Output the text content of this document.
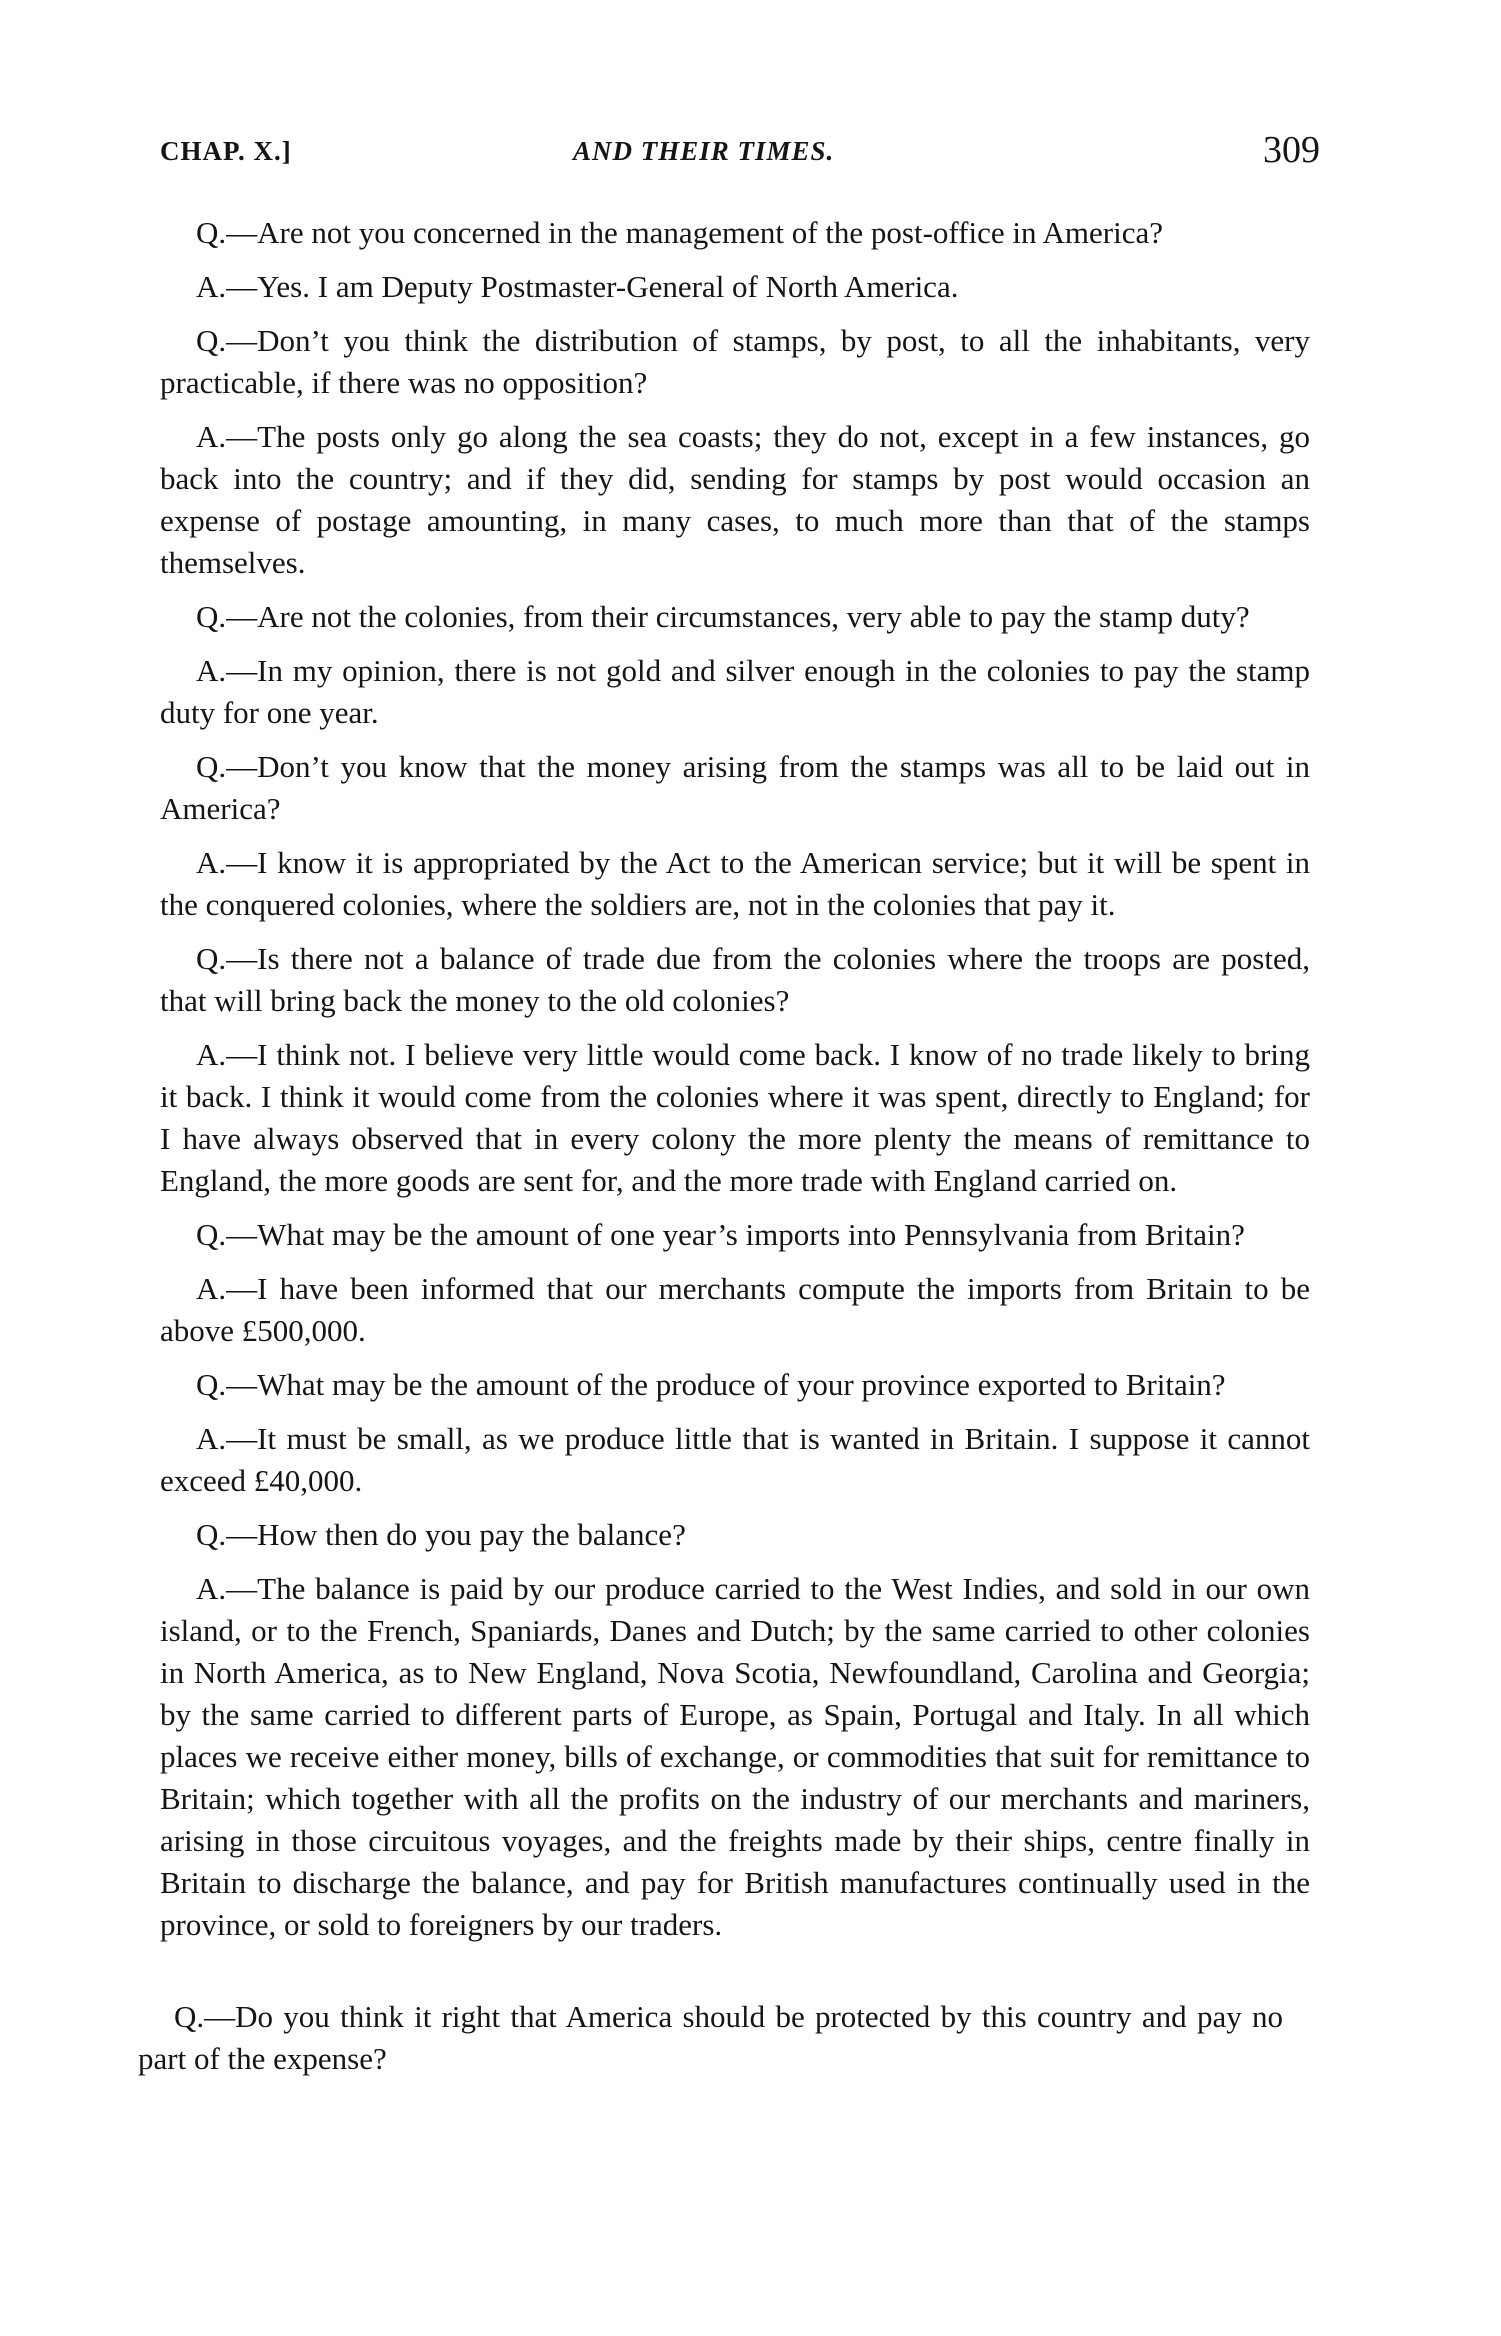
CHAP. X.]	AND THEIR TIMES.	309

Q.—Are not you concerned in the management of the post-office in America?

A.—Yes. I am Deputy Postmaster-General of North America.

Q.—Don’t you think the distribution of stamps, by post, to all the inhabitants, very practicable, if there was no opposition?

A.—The posts only go along the sea coasts; they do not, except in a few instances, go back into the country; and if they did, sending for stamps by post would occasion an expense of postage amounting, in many cases, to much more than that of the stamps themselves.

Q.—Are not the colonies, from their circumstances, very able to pay the stamp duty?

A.—In my opinion, there is not gold and silver enough in the colonies to pay the stamp duty for one year.

Q.—Don’t you know that the money arising from the stamps was all to be laid out in America?

A.—I know it is appropriated by the Act to the American service; but it will be spent in the conquered colonies, where the soldiers are, not in the colonies that pay it.

Q.—Is there not a balance of trade due from the colonies where the troops are posted, that will bring back the money to the old colonies?

A.—I think not. I believe very little would come back. I know of no trade likely to bring it back. I think it would come from the colonies where it was spent, directly to England; for I have always observed that in every colony the more plenty the means of remittance to England, the more goods are sent for, and the more trade with England carried on.

Q.—What may be the amount of one year’s imports into Pennsylvania from Britain?

A.—I have been informed that our merchants compute the imports from Britain to be above £500,000.

Q.—What may be the amount of the produce of your province exported to Britain?

A.—It must be small, as we produce little that is wanted in Britain. I suppose it cannot exceed £40,000.

Q.—How then do you pay the balance?

A.—The balance is paid by our produce carried to the West Indies, and sold in our own island, or to the French, Spaniards, Danes and Dutch; by the same carried to other colonies in North America, as to New England, Nova Scotia, Newfoundland, Carolina and Georgia; by the same carried to different parts of Europe, as Spain, Portugal and Italy. In all which places we receive either money, bills of exchange, or commodities that suit for remittance to Britain; which together with all the profits on the industry of our merchants and mariners, arising in those circuitous voyages, and the freights made by their ships, centre finally in Britain to discharge the balance, and pay for British manufactures continually used in the province, or sold to foreigners by our traders.

Q.—Do you think it right that America should be protected by this country and pay no part of the expense?
